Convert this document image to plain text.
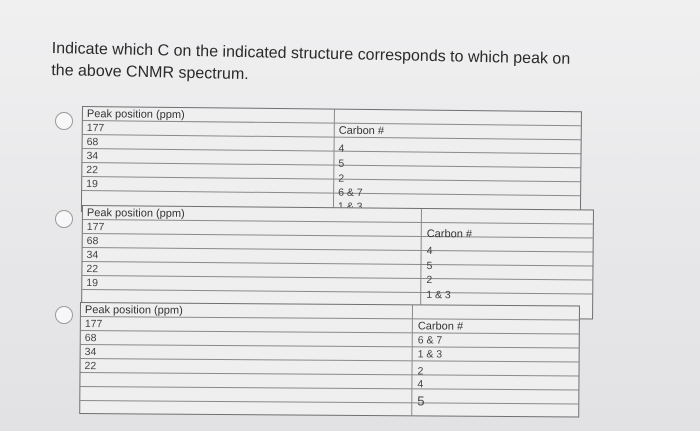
Indicate which C on the indicated structure corresponds to which peak on
the above CNMR spectrum.
Peak position (ppm)
177
68
34
22
19
Carbon #
4
5
2
6 & 7
Peak position (ppm)
177
68
34
22
19
Carbon #
4
5
2
1 & 3
Peak position (ppm)
177
68
34
22
Carbon #
6 & 7
1 & 3
2
4
5
